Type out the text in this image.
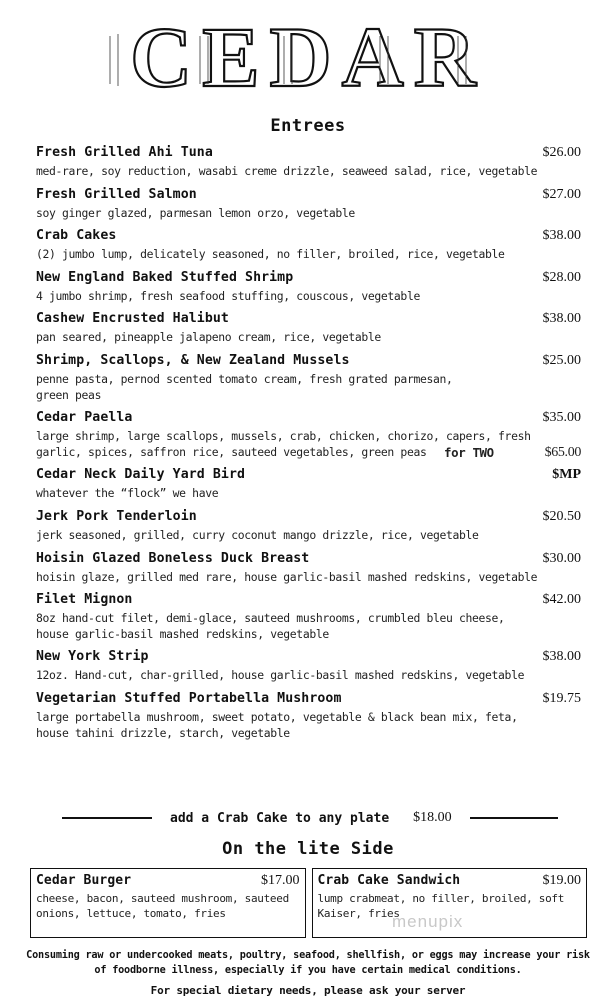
CEDAR
Entrees
Fresh Grilled Ahi Tuna	$26.00
med-rare, soy reduction, wasabi creme drizzle, seaweed salad, rice, vegetable
Fresh Grilled Salmon	$27.00
soy ginger glazed, parmesan lemon orzo, vegetable
Crab Cakes	$38.00
(2) jumbo lump, delicately seasoned, no filler, broiled, rice, vegetable
New England Baked Stuffed Shrimp	$28.00
4 jumbo shrimp, fresh seafood stuffing, couscous, vegetable
Cashew Encrusted Halibut	$38.00
pan seared, pineapple jalapeno cream, rice, vegetable
Shrimp, Scallops, & New Zealand Mussels	$25.00
penne pasta, pernod scented tomato cream, fresh grated parmesan,
green peas
Cedar Paella	$35.00
large shrimp, large scallops, mussels, crab, chicken, chorizo, capers, fresh
garlic, spices, saffron rice, sauteed vegetables, green peas	for TWO	$65.00
Cedar Neck Daily Yard Bird	$MP
whatever the “flock” we have
Jerk Pork Tenderloin	$20.50
jerk seasoned, grilled, curry coconut mango drizzle, rice, vegetable
Hoisin Glazed Boneless Duck Breast	$30.00
hoisin glaze, grilled med rare, house garlic-basil mashed redskins, vegetable
Filet Mignon	$42.00
8oz hand-cut filet, demi-glace, sauteed mushrooms, crumbled bleu cheese,
house garlic-basil mashed redskins, vegetable
New York Strip	$38.00
12oz. Hand-cut, char-grilled, house garlic-basil mashed redskins, vegetable
Vegetarian Stuffed Portabella Mushroom	$19.75
large portabella mushroom, sweet potato, vegetable & black bean mix, feta,
house tahini drizzle, starch, vegetable
add a Crab Cake to any plate $18.00
On the lite Side
Cedar Burger	$17.00
cheese, bacon, sauteed mushroom, sauteed
onions, lettuce, tomato, fries
Crab Cake Sandwich	$19.00
lump crabmeat, no filler, broiled, soft
Kaiser, fries
menupix
Consuming raw or undercooked meats, poultry, seafood, shellfish, or eggs may increase your risk
of foodborne illness, especially if you have certain medical conditions.
For special dietary needs, please ask your server
